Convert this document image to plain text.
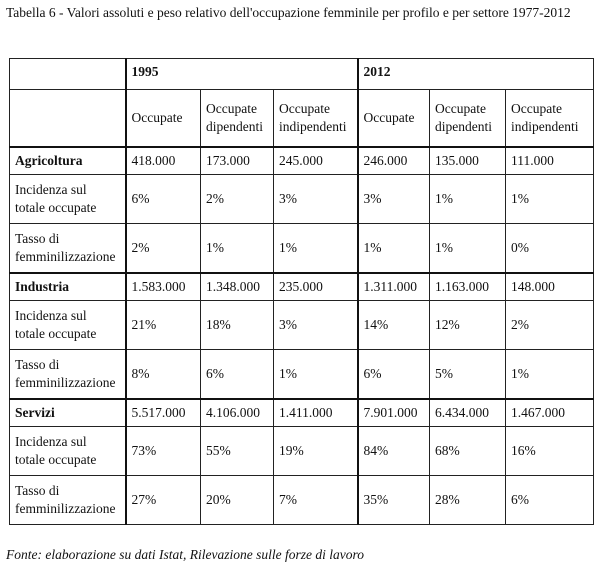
Tabella 6 - Valori assoluti e peso relativo dell'occupazione femminile per profilo e per settore 1977-2012
	1995			2012		
	Occupate	Occupate dipendenti	Occupate indipendenti	Occupate	Occupate dipendenti	Occupate indipendenti
Agricoltura	418.000	173.000	245.000	246.000	135.000	111.000
Incidenza sul totale occupate	6%	2%	3%	3%	1%	1%
Tasso di femminilizzazione	2%	1%	1%	1%	1%	0%
Industria	1.583.000	1.348.000	235.000	1.311.000	1.163.000	148.000
Incidenza sul totale occupate	21%	18%	3%	14%	12%	2%
Tasso di femminilizzazione	8%	6%	1%	6%	5%	1%
Servizi	5.517.000	4.106.000	1.411.000	7.901.000	6.434.000	1.467.000
Incidenza sul totale occupate	73%	55%	19%	84%	68%	16%
Tasso di femminilizzazione	27%	20%	7%	35%	28%	6%
Fonte: elaborazione su dati Istat, Rilevazione sulle forze di lavoro
